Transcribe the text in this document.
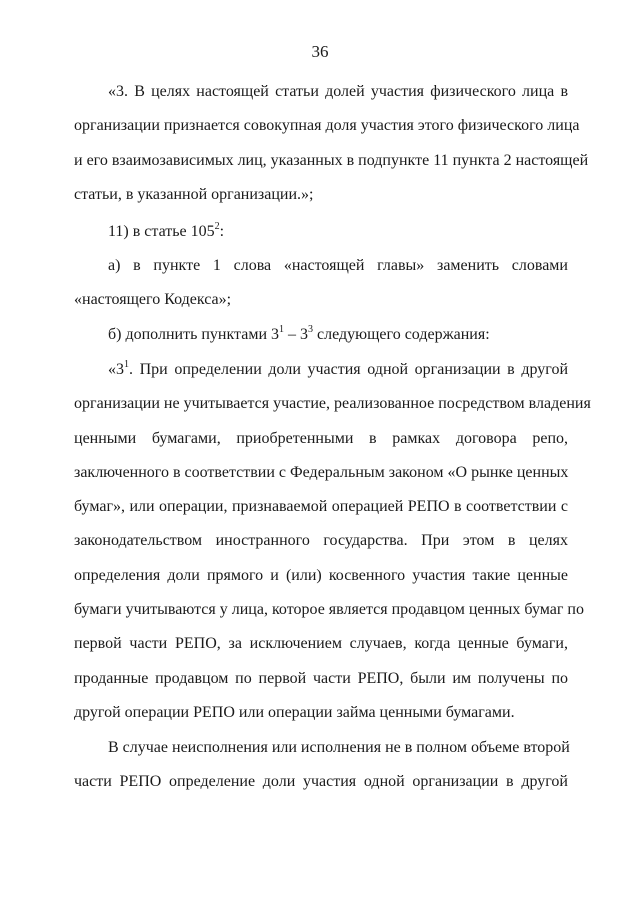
36
«3. В целях настоящей статьи долей участия физического лица в
организации признается совокупная доля участия этого физического лица
и его взаимозависимых лиц, указанных в подпункте 11 пункта 2 настоящей
статьи, в указанной организации.»;
11) в статье $105^2$:
а) в пункте 1 слова «настоящей главы» заменить словами
«настоящего Кодекса»;
б) дополнить пунктами $3^1 - 3^3$ следующего содержания:
«$3^1$. При определении доли участия одной организации в другой
организации не учитывается участие, реализованное посредством владения
ценными бумагами, приобретенными в рамках договора репо,
заключенного в соответствии с Федеральным законом «О рынке ценных
бумаг», или операции, признаваемой операцией РЕПО в соответствии с
законодательством иностранного государства. При этом в целях
определения доли прямого и (или) косвенного участия такие ценные
бумаги учитываются у лица, которое является продавцом ценных бумаг по
первой части РЕПО, за исключением случаев, когда ценные бумаги,
проданные продавцом по первой части РЕПО, были им получены по
другой операции РЕПО или операции займа ценными бумагами.
В случае неисполнения или исполнения не в полном объеме второй
части РЕПО определение доли участия одной организации в другой
